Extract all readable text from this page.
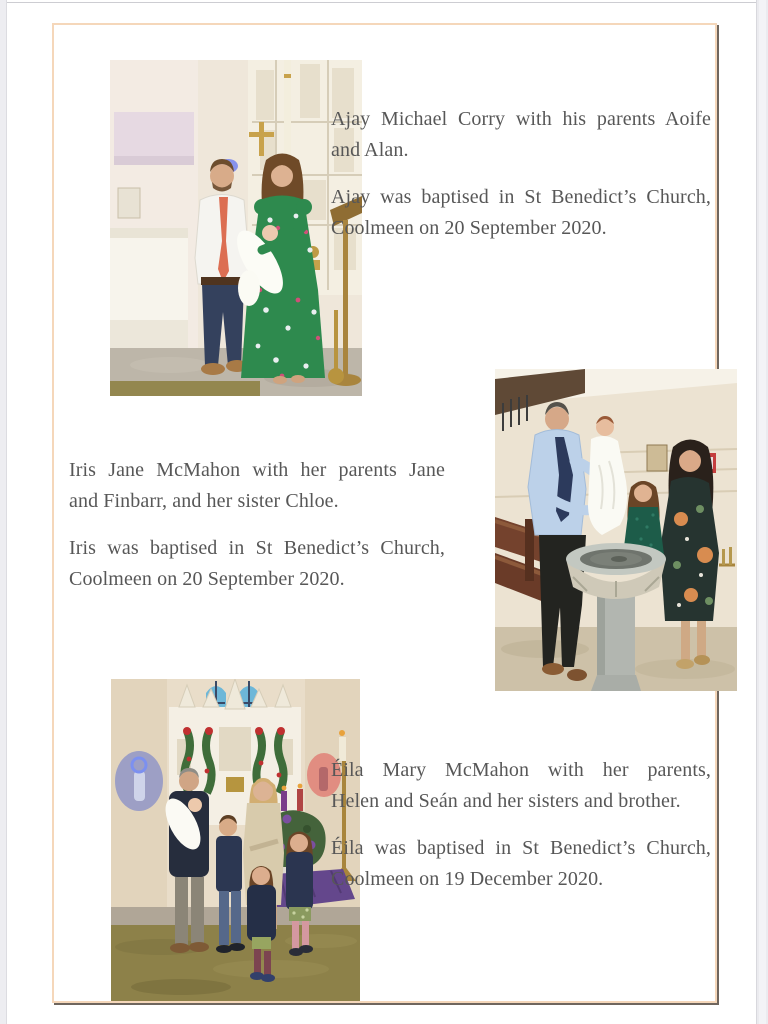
Ajay Michael Corry with his parents Aoife
and Alan.
Ajay was baptised in St Benedict’s Church,
Coolmeen on 20 September 2020.
Iris Jane McMahon with her parents Jane
and Finbarr, and her sister Chloe.
Iris was baptised in St Benedict’s Church,
Coolmeen on 20 September 2020.
Éila Mary McMahon with her parents,
Helen and Seán and her sisters and brother.
Éila was baptised in St Benedict’s Church,
Coolmeen on 19 December 2020.
